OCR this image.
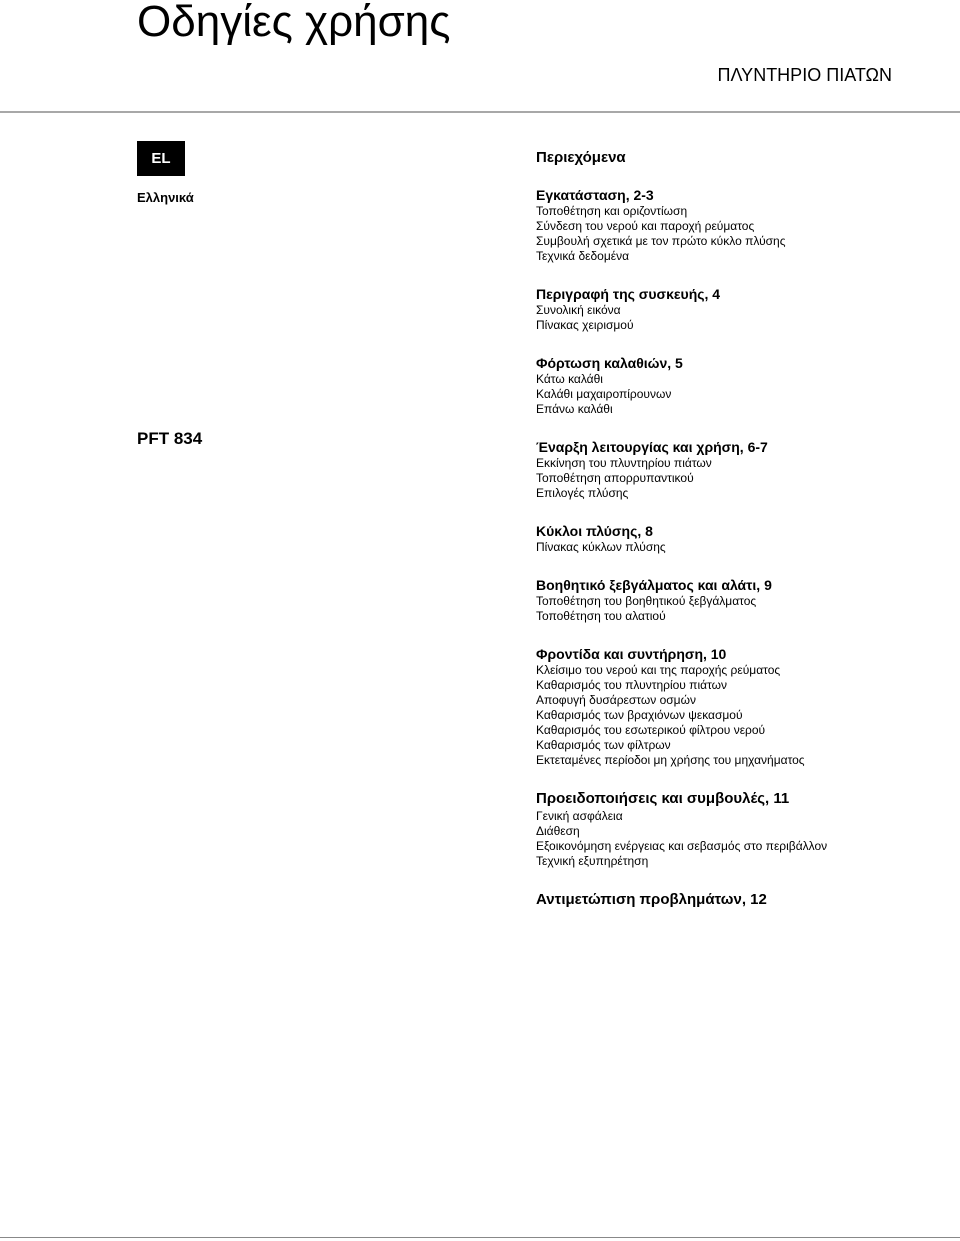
Οδηγίες χρήσης
ΠΛΥΝΤΗΡΙΟ ΠΙΑΤΩΝ
EL
Ελληνικά
PFT 834
Περιεχόμενα
Εγκατάσταση, 2-3
Τοποθέτηση και οριζοντίωση
Σύνδεση του νερού και παροχή ρεύματος
Συμβουλή σχετικά με τον πρώτο κύκλο πλύσης
Τεχνικά δεδομένα
Περιγραφή της συσκευής, 4
Συνολική εικόνα
Πίνακας χειρισμού
Φόρτωση καλαθιών, 5
Κάτω καλάθι
Καλάθι μαχαιροπίρουνων
Επάνω καλάθι
Έναρξη λειτουργίας και χρήση, 6-7
Εκκίνηση του πλυντηρίου πιάτων
Τοποθέτηση απορρυπαντικού
Επιλογές πλύσης
Κύκλοι πλύσης, 8
Πίνακας κύκλων πλύσης
Βοηθητικό ξεβγάλματος και αλάτι, 9
Τοποθέτηση του βοηθητικού ξεβγάλματος
Τοποθέτηση του αλατιού
Φροντίδα και συντήρηση, 10
Κλείσιμο του νερού και της παροχής ρεύματος
Καθαρισμός του πλυντηρίου πιάτων
Αποφυγή δυσάρεστων οσμών
Καθαρισμός των βραχιόνων ψεκασμού
Καθαρισμός του εσωτερικού φίλτρου νερού
Καθαρισμός των φίλτρων
Εκτεταμένες περίοδοι μη χρήσης του μηχανήματος
Προειδοποιήσεις και συμβουλές, 11
Γενική ασφάλεια
Διάθεση
Εξοικονόμηση ενέργειας και σεβασμός στο περιβάλλον
Τεχνική εξυπηρέτηση
Αντιμετώπιση προβλημάτων, 12
